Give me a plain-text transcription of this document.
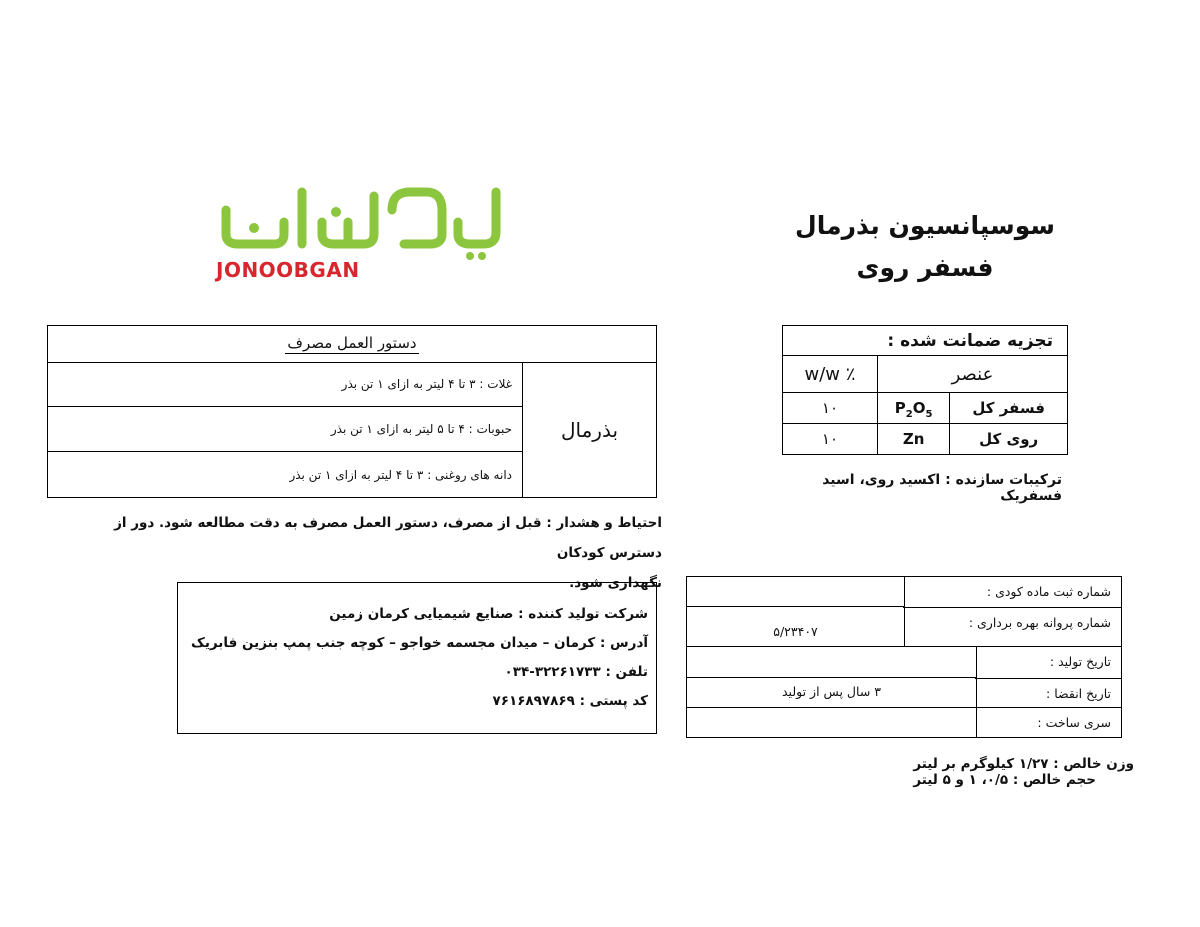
JONOOBGAN
سوسپانسیون بذرمال
فسفر روی
تجزیه ضمانت شده :		
عنصر		٪ w/w
فسفر کل	$P_2O_5$	۱۰
روی کل	Zn	۱۰
ترکیبات سازنده : اکسید روی، اسید فسفریک
دستور العمل مصرف
بذرمال
غلات : ۳ تا ۴ لیتر به ازای ۱ تن بذر
حبوبات : ۴ تا ۵ لیتر به ازای ۱ تن بذر
دانه های روغنی : ۳ تا ۴ لیتر به ازای ۱ تن بذر
احتیاط و هشدار : قبل از مصرف، دستور العمل مصرف به دقت مطالعه شود. دور از دسترس کودکان
نگهداری شود.
شرکت تولید کننده : صنایع شیمیایی کرمان زمین
آدرس : کرمان – میدان مجسمه خواجو – کوچه جنب پمپ بنزین فابریک
تلفن : ۳۲۲۶۱۷۳۳-۰۳۴
کد پستی : ۷۶۱۶۸۹۷۸۶۹
شماره ثبت ماده کودی :
شماره پروانه بهره برداری :
۵/۲۳۴۰۷
تاریخ تولید :
تاریخ انقضا :
۳ سال پس از تولید
سری ساخت :
وزن خالص : ۱/۲۷ کیلوگرم بر لیتر حجم خالص : ۰/۵، ۱ و ۵ لیتر
